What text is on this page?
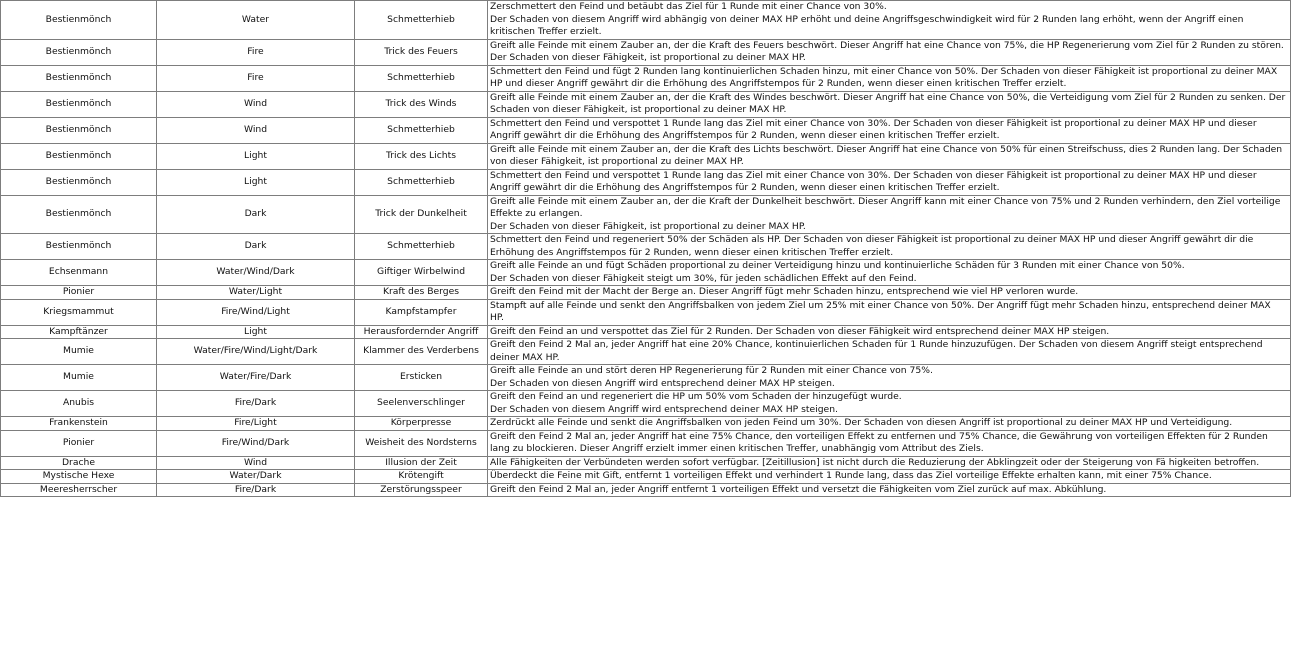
Bestienmönch	Water	Schmetterhieb	Zerschmettert den Feind und betäubt das Ziel für 1 Runde mit einer Chance von 30%.
Der Schaden von diesem Angriff wird abhängig von deiner MAX HP erhöht und deine Angriffsgeschwindigkeit wird für 2 Runden lang erhöht, wenn der Angriff einen kritischen Treffer erzielt.
Bestienmönch	Fire	Trick des Feuers	Greift alle Feinde mit einem Zauber an, der die Kraft des Feuers beschwört. Dieser Angriff hat eine Chance von 75%, die HP Regenerierung vom Ziel für 2 Runden zu stören. Der Schaden von dieser Fähigkeit, ist proportional zu deiner MAX HP.
Bestienmönch	Fire	Schmetterhieb	Schmettert den Feind und fügt 2 Runden lang kontinuierlichen Schaden hinzu, mit einer Chance von 50%. Der Schaden von dieser Fähigkeit ist proportional zu deiner MAX HP und dieser Angriff gewährt dir die Erhöhung des Angriffstempos für 2 Runden, wenn dieser einen kritischen Treffer erzielt.
Bestienmönch	Wind	Trick des Winds	Greift alle Feinde mit einem Zauber an, der die Kraft des Windes beschwört. Dieser Angriff hat eine Chance von 50%, die Verteidigung vom Ziel für 2 Runden zu senken. Der Schaden von dieser Fähigkeit, ist proportional zu deiner MAX HP.
Bestienmönch	Wind	Schmetterhieb	Schmettert den Feind und verspottet 1 Runde lang das Ziel mit einer Chance von 30%. Der Schaden von dieser Fähigkeit ist proportional zu deiner MAX HP und dieser Angriff gewährt dir die Erhöhung des Angriffstempos für 2 Runden, wenn dieser einen kritischen Treffer erzielt.
Bestienmönch	Light	Trick des Lichts	Greift alle Feinde mit einem Zauber an, der die Kraft des Lichts beschwört. Dieser Angriff hat eine Chance von 50% für einen Streifschuss, dies 2 Runden lang. Der Schaden von dieser Fähigkeit, ist proportional zu deiner MAX HP.
Bestienmönch	Light	Schmetterhieb	Schmettert den Feind und verspottet 1 Runde lang das Ziel mit einer Chance von 30%. Der Schaden von dieser Fähigkeit ist proportional zu deiner MAX HP und dieser Angriff gewährt dir die Erhöhung des Angriffstempos für 2 Runden, wenn dieser einen kritischen Treffer erzielt.
Bestienmönch	Dark	Trick der Dunkelheit	Greift alle Feinde mit einem Zauber an, der die Kraft der Dunkelheit beschwört. Dieser Angriff kann mit einer Chance von 75% und 2 Runden verhindern, den Ziel vorteilige Effekte zu erlangen.
Der Schaden von dieser Fähigkeit, ist proportional zu deiner MAX HP.
Bestienmönch	Dark	Schmetterhieb	Schmettert den Feind und regeneriert 50% der Schäden als HP. Der Schaden von dieser Fähigkeit ist proportional zu deiner MAX HP und dieser Angriff gewährt dir die Erhöhung des Angriffstempos für 2 Runden, wenn dieser einen kritischen Treffer erzielt.
Echsenmann	Water/Wind/Dark	Giftiger Wirbelwind	Greift alle Feinde an und fügt Schäden proportional zu deiner Verteidigung hinzu und kontinuierliche Schäden für 3 Runden mit einer Chance von 50%.
Der Schaden von dieser Fähigkeit steigt um 30%, für jeden schädlichen Effekt auf den Feind.
Pionier	Water/Light	Kraft des Berges	Greift den Feind mit der Macht der Berge an. Dieser Angriff fügt mehr Schaden hinzu, entsprechend wie viel HP verloren wurde.
Kriegsmammut	Fire/Wind/Light	Kampfstampfer	Stampft auf alle Feinde und senkt den Angriffsbalken von jedem Ziel um 25% mit einer Chance von 50%. Der Angriff fügt mehr Schaden hinzu, entsprechend deiner MAX HP.
Kampftänzer	Light	Herausfordernder Angriff	Greift den Feind an und verspottet das Ziel für 2 Runden. Der Schaden von dieser Fähigkeit wird entsprechend deiner MAX HP steigen.
Mumie	Water/Fire/Wind/Light/Dark	Klammer des Verderbens	Greift den Feind 2 Mal an, jeder Angriff hat eine 20% Chance, kontinuierlichen Schaden für 1 Runde hinzuzufügen. Der Schaden von diesem Angriff steigt entsprechend deiner MAX HP.
Mumie	Water/Fire/Dark	Ersticken	Greift alle Feinde an und stört deren HP Regenerierung für 2 Runden mit einer Chance von 75%.
Der Schaden von diesen Angriff wird entsprechend deiner MAX HP steigen.
Anubis	Fire/Dark	Seelenverschlinger	Greift den Feind an und regeneriert die HP um 50% vom Schaden der hinzugefügt wurde.
Der Schaden von diesem Angriff wird entsprechend deiner MAX HP steigen.
Frankenstein	Fire/Light	Körperpresse	Zerdrückt alle Feinde und senkt die Angriffsbalken von jeden Feind um 30%. Der Schaden von diesen Angriff ist proportional zu deiner MAX HP und Verteidigung.
Pionier	Fire/Wind/Dark	Weisheit des Nordsterns	Greift den Feind 2 Mal an, jeder Angriff hat eine 75% Chance, den vorteiligen Effekt zu entfernen und 75% Chance, die Gewährung von vorteiligen Effekten für 2 Runden lang zu blockieren. Dieser Angriff erzielt immer einen kritischen Treffer, unabhängig vom Attribut des Ziels.
Drache	Wind	Illusion der Zeit	Alle Fähigkeiten der Verbündeten werden sofort verfügbar. [Zeitillusion] ist nicht durch die Reduzierung der Abklingzeit oder der Steigerung von Fä higkeiten betroffen.
Mystische Hexe	Water/Dark	Krötengift	Überdeckt die Feine mit Gift, entfernt 1 vorteiligen Effekt und verhindert 1 Runde lang, dass das Ziel vorteilige Effekte erhalten kann, mit einer 75% Chance.
Meeresherrscher	Fire/Dark	Zerstörungsspeer	Greift den Feind 2 Mal an, jeder Angriff entfernt 1 vorteiligen Effekt und versetzt die Fähigkeiten vom Ziel zurück auf max. Abkühlung.
